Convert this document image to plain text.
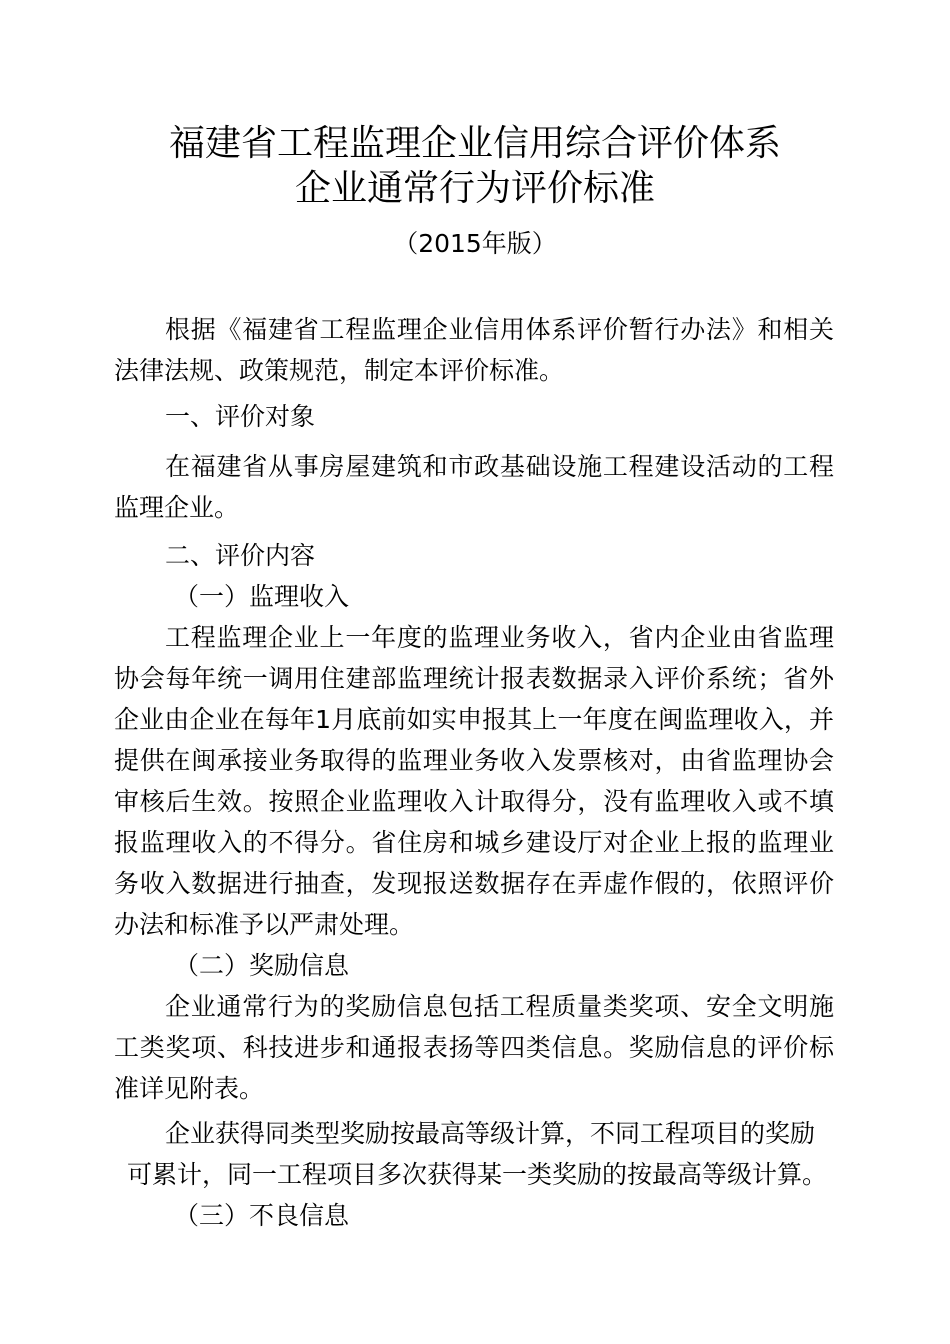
福建省工程监理企业信用综合评价体系
企业通常行为评价标准
（2015年版）

根据《福建省工程监理企业信用体系评价暂行办法》和相关法律法规、政策规范，制定本评价标准。

一、评价对象

在福建省从事房屋建筑和市政基础设施工程建设活动的工程监理企业。

二、评价内容

（一）监理收入

工程监理企业上一年度的监理业务收入，省内企业由省监理协会每年统一调用住建部监理统计报表数据录入评价系统；省外企业由企业在每年1月底前如实申报其上一年度在闽监理收入，并提供在闽承接业务取得的监理业务收入发票核对，由省监理协会审核后生效。按照企业监理收入计取得分，没有监理收入或不填报监理收入的不得分。省住房和城乡建设厅对企业上报的监理业务收入数据进行抽查，发现报送数据存在弄虚作假的，依照评价办法和标准予以严肃处理。

（二）奖励信息

企业通常行为的奖励信息包括工程质量类奖项、安全文明施工类奖项、科技进步和通报表扬等四类信息。奖励信息的评价标准详见附表。

企业获得同类型奖励按最高等级计算，不同工程项目的奖励

可累计，同一工程项目多次获得某一类奖励的按最高等级计算。

（三）不良信息
